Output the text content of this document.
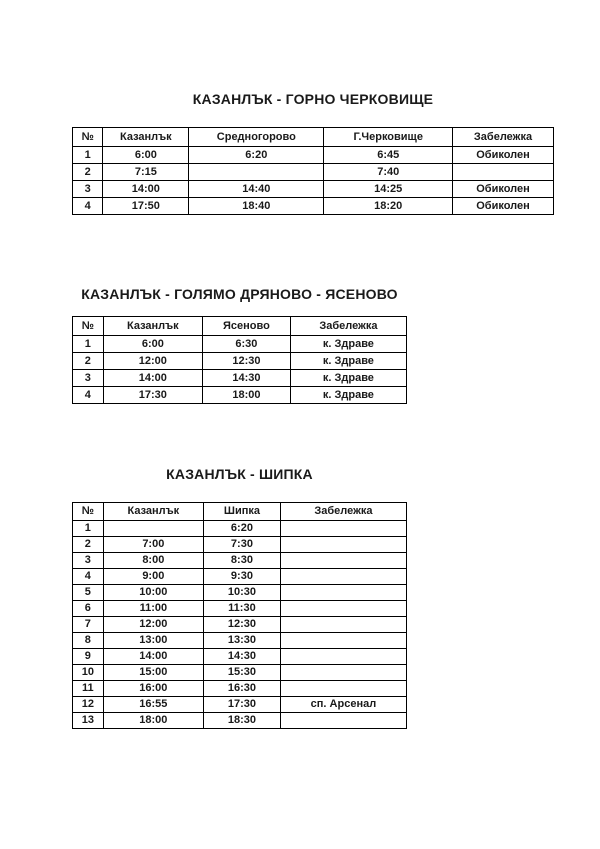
КАЗАНЛЪК - ГОРНО ЧЕРКОВИЩЕ
№	Казанлък	Средногорово	Г.Черковище	Забележка
1	6:00	6:20	6:45	Обиколен
2	7:15		7:40	
3	14:00	14:40	14:25	Обиколен
4	17:50	18:40	18:20	Обиколен
КАЗАНЛЪК - ГОЛЯМО ДРЯНОВО - ЯСЕНОВО
№	Казанлък	Ясеново	Забележка
1	6:00	6:30	к. Здраве
2	12:00	12:30	к. Здраве
3	14:00	14:30	к. Здраве
4	17:30	18:00	к. Здраве
КАЗАНЛЪК - ШИПКА
№	Казанлък	Шипка	Забележка
1		6:20	
2	7:00	7:30	
3	8:00	8:30	
4	9:00	9:30	
5	10:00	10:30	
6	11:00	11:30	
7	12:00	12:30	
8	13:00	13:30	
9	14:00	14:30	
10	15:00	15:30	
11	16:00	16:30	
12	16:55	17:30	сп. Арсенал
13	18:00	18:30	
